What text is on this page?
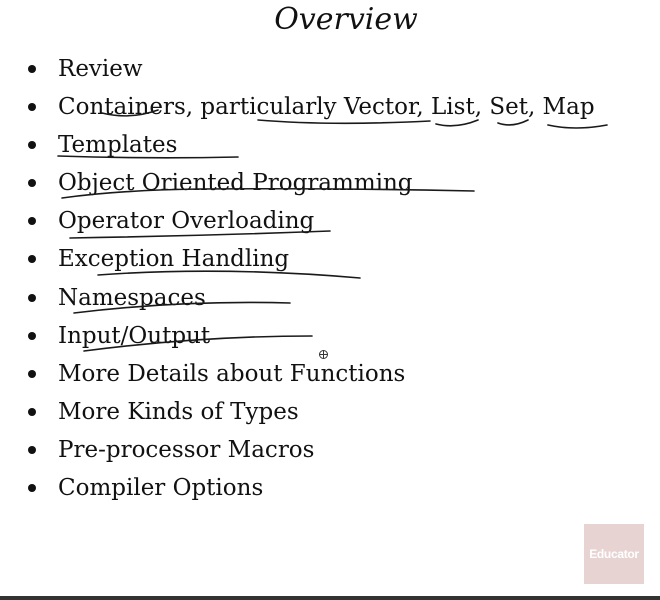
Overview
Review
Containers, particularly Vector, List, Set, Map
Templates
Object Oriented Programming
Operator Overloading
Exception Handling
Namespaces
Input/Output
More Details about Functions
More Kinds of Types
Pre-processor Macros
Compiler Options
Educator
